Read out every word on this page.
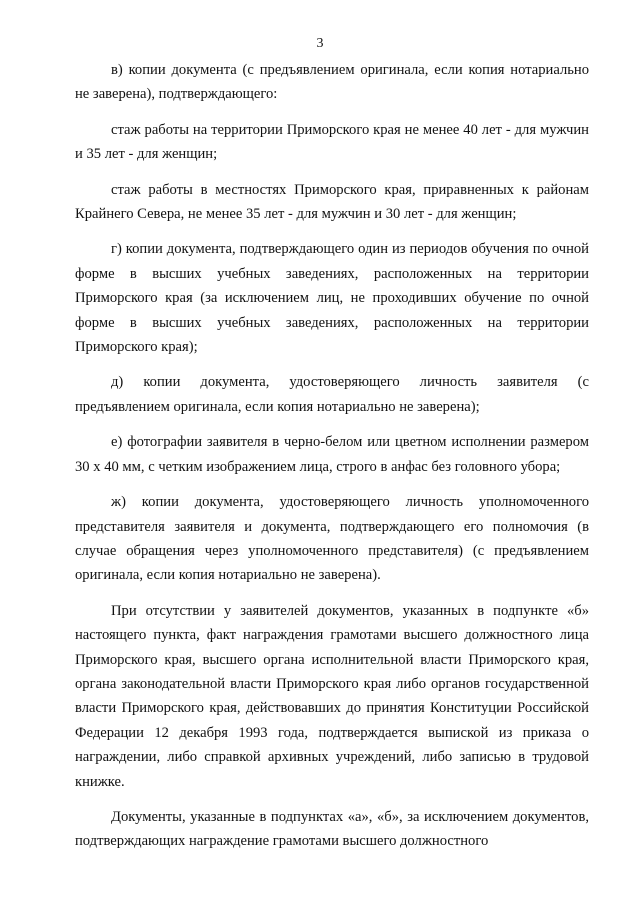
3

в) копии документа (с предъявлением оригинала, если копия нотариально не заверена), подтверждающего:

стаж работы на территории Приморского края не менее 40 лет - для мужчин и 35 лет - для женщин;

стаж работы в местностях Приморского края, приравненных к районам Крайнего Севера, не менее 35 лет - для мужчин и 30 лет - для женщин;

г) копии документа, подтверждающего один из периодов обучения по очной форме в высших учебных заведениях, расположенных на территории Приморского края (за исключением лиц, не проходивших обучение по очной форме в высших учебных заведениях, расположенных на территории Приморского края);

д) копии документа, удостоверяющего личность заявителя (с предъявлением оригинала, если копия нотариально не заверена);

е) фотографии заявителя в черно-белом или цветном исполнении размером 30 x 40 мм, с четким изображением лица, строго в анфас без головного убора;

ж) копии документа, удостоверяющего личность уполномоченного представителя заявителя и документа, подтверждающего его полномочия (в случае обращения через уполномоченного представителя) (с предъявлением оригинала, если копия нотариально не заверена).

При отсутствии у заявителей документов, указанных в подпункте «б» настоящего пункта, факт награждения грамотами высшего должностного лица Приморского края, высшего органа исполнительной власти Приморского края, органа законодательной власти Приморского края либо органов государственной власти Приморского края, действовавших до принятия Конституции Российской Федерации 12 декабря 1993 года, подтверждается выпиской из приказа о награждении, либо справкой архивных учреждений, либо записью в трудовой книжке.

Документы, указанные в подпунктах «а», «б», за исключением документов, подтверждающих награждение грамотами высшего должностного
